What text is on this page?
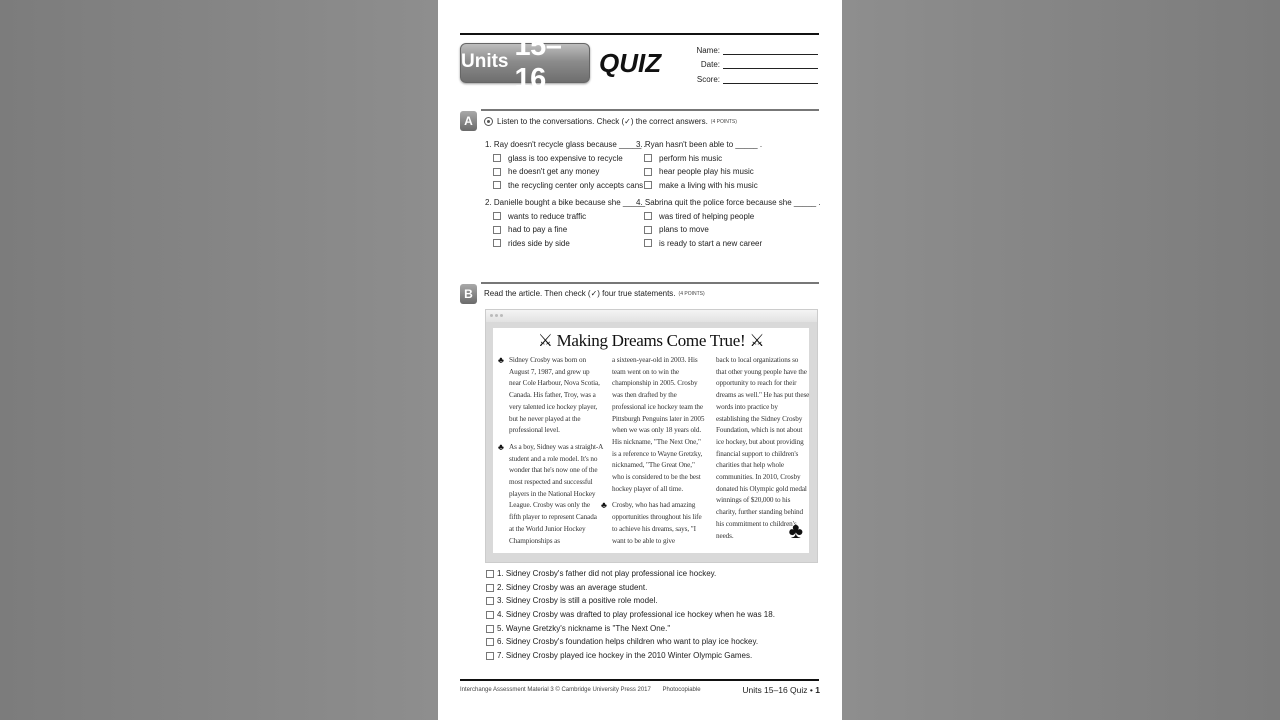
Units 15–16	QUIZ	Name:
Date:
Score:
A	Listen to the conversations. Check (✓) the correct answers. (4 POINTS)
1. Ray doesn't recycle glass because _____ .
glass is too expensive to recycle
he doesn't get any money
the recycling center only accepts cans
2. Danielle bought a bike because she _____ .
wants to reduce traffic
had to pay a fine
rides side by side
3. Ryan hasn't been able to _____ .
perform his music
hear people play his music
make a living with his music
4. Sabrina quit the police force because she _____ .
was tired of helping people
plans to move
is ready to start a new career
B	Read the article. Then check (✓) four true statements. (4 POINTS)
⚔ Making Dreams Come True! ⚔

♣ Sidney Crosby was born on August 7, 1987, and grew up near Cole Harbour, Nova Scotia, Canada. His father, Troy, was a very talented ice hockey player, but he never played at the professional level.

♣ As a boy, Sidney was a straight-A student and a role model. It's no wonder that he's now one of the most respected and successful players in the National Hockey League. Crosby was only the fifth player to represent Canada at the World Junior Hockey Championships as

a sixteen-year-old in 2003. His team went on to win the championship in 2005. Crosby was then drafted by the professional ice hockey team the Pittsburgh Penguins later in 2005 when we was only 18 years old. His nickname, "The Next One," is a reference to Wayne Gretzky, nicknamed, "The Great One," who is considered to be the best hockey player of all time.

♣ Crosby, who has had amazing opportunities throughout his life to achieve his dreams, says, "I want to be able to give

back to local organizations so that other young people have the opportunity to reach for their dreams as well." He has put these words into practice by establishing the Sidney Crosby Foundation, which is not about ice hockey, but about providing financial support to children's charities that help whole communities. In 2010, Crosby donated his Olympic gold medal winnings of $20,000 to his charity, further standing behind his commitment to children's needs.	♣
1. Sidney Crosby's father did not play professional ice hockey.
2. Sidney Crosby was an average student.
3. Sidney Crosby is still a positive role model.
4. Sidney Crosby was drafted to play professional ice hockey when he was 18.
5. Wayne Gretzky's nickname is "The Next One."
6. Sidney Crosby's foundation helps children who want to play ice hockey.
7. Sidney Crosby played ice hockey in the 2010 Winter Olympic Games.
Interchange Assessment Material 3 © Cambridge University Press 2017 Photocopiable	Units 15–16 Quiz • 1
